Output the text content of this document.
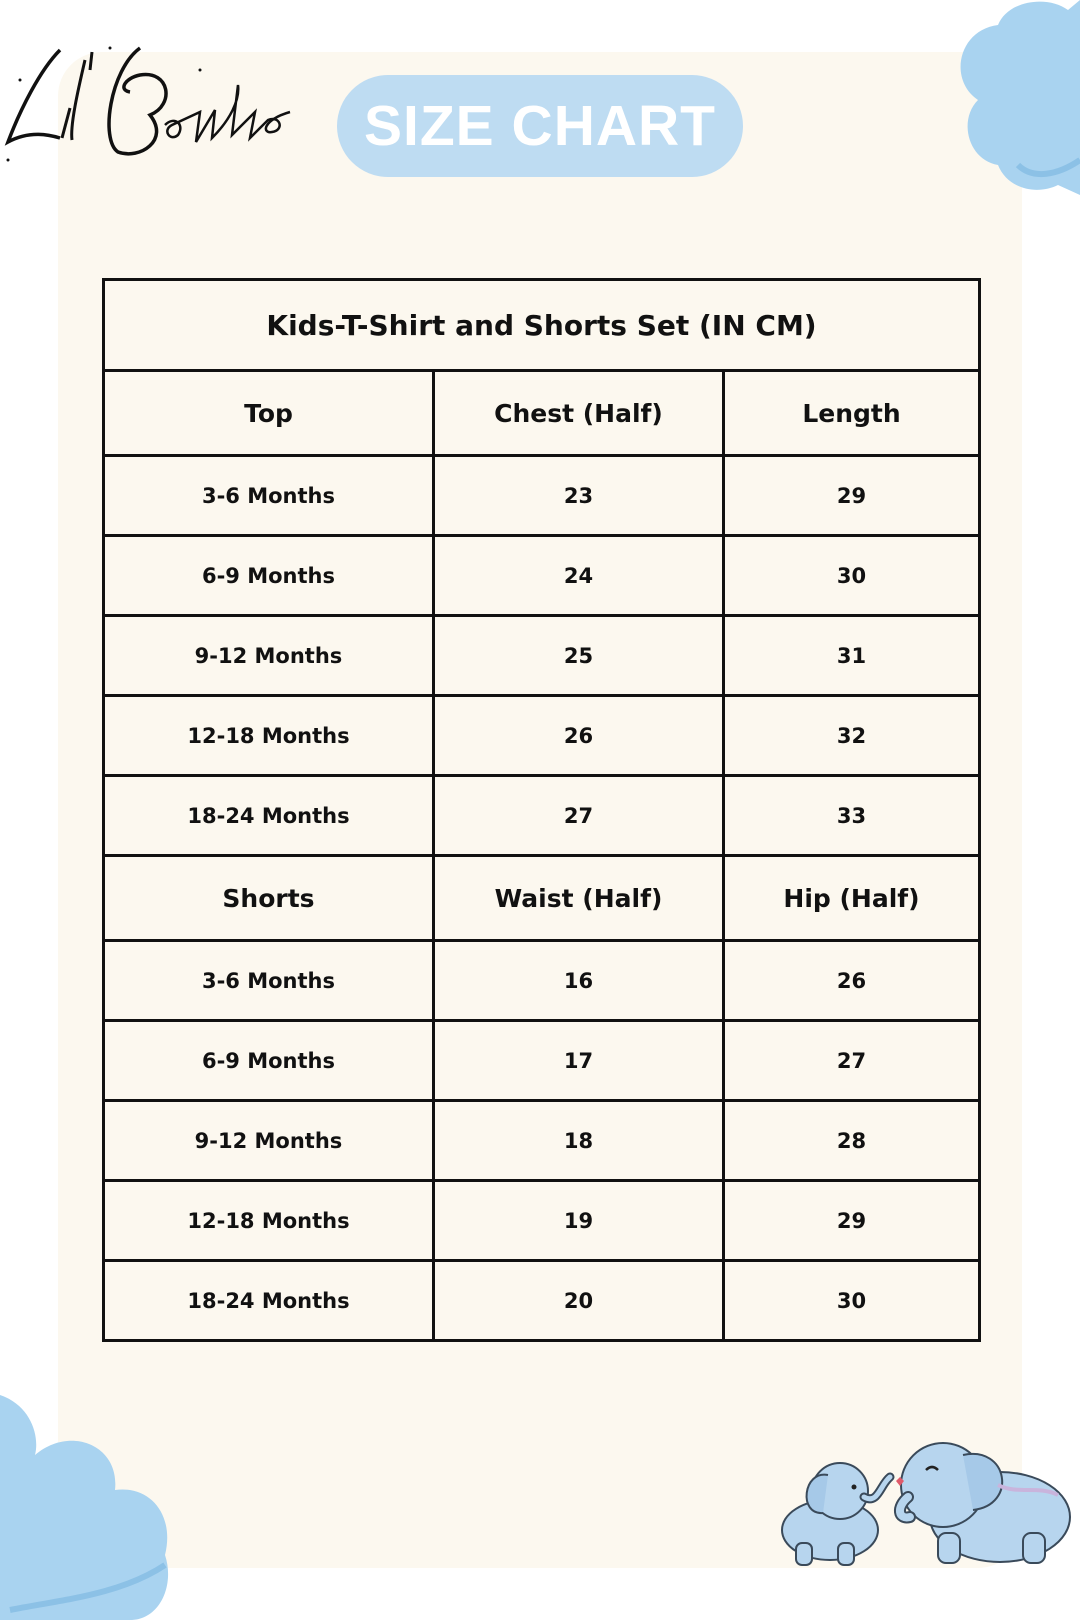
SIZE CHART
Kids-T-Shirt and Shorts Set (IN CM)		
Top	Chest (Half)	Length
3-6 Months	23	29
6-9 Months	24	30
9-12 Months	25	31
12-18 Months	26	32
18-24 Months	27	33
Shorts	Waist (Half)	Hip (Half)
3-6 Months	16	26
6-9 Months	17	27
9-12 Months	18	28
12-18 Months	19	29
18-24 Months	20	30
